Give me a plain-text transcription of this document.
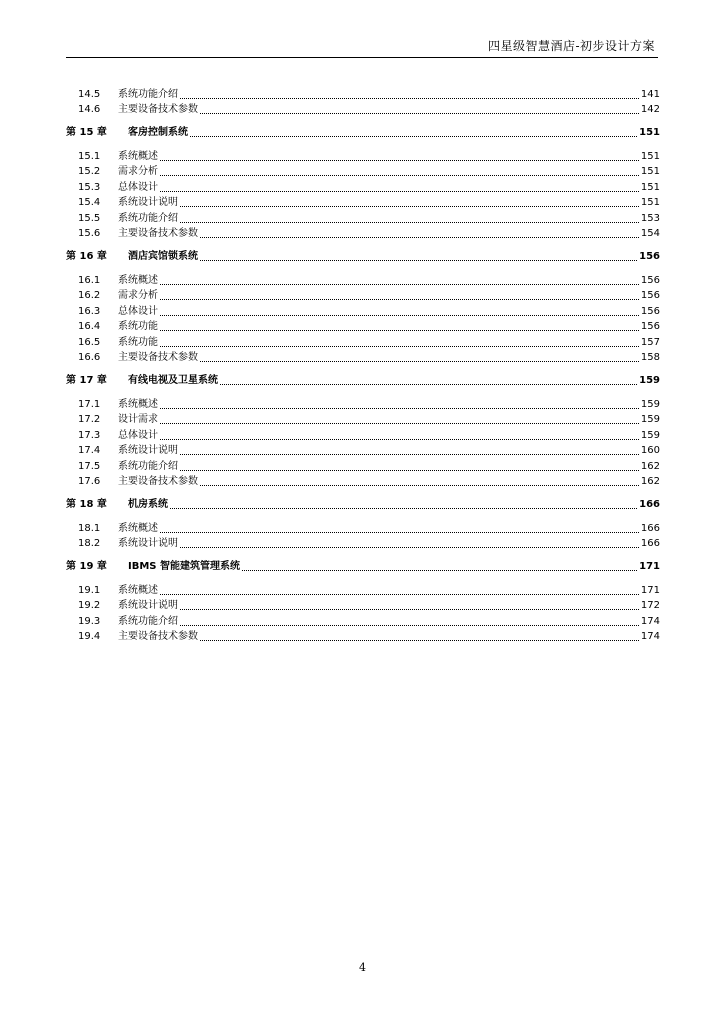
四星级智慧酒店-初步设计方案
14.5	系统功能介绍	141
14.6	主要设备技术参数	142
第 15 章	客房控制系统	151
15.1	系统概述	151
15.2	需求分析	151
15.3	总体设计	151
15.4	系统设计说明	151
15.5	系统功能介绍	153
15.6	主要设备技术参数	154
第 16 章	酒店宾馆锁系统	156
16.1	系统概述	156
16.2	需求分析	156
16.3	总体设计	156
16.4	系统功能	156
16.5	系统功能	157
16.6	主要设备技术参数	158
第 17 章	有线电视及卫星系统	159
17.1	系统概述	159
17.2	设计需求	159
17.3	总体设计	159
17.4	系统设计说明	160
17.5	系统功能介绍	162
17.6	主要设备技术参数	162
第 18 章	机房系统	166
18.1	系统概述	166
18.2	系统设计说明	166
第 19 章	IBMS 智能建筑管理系统	171
19.1	系统概述	171
19.2	系统设计说明	172
19.3	系统功能介绍	174
19.4	主要设备技术参数	174
4
